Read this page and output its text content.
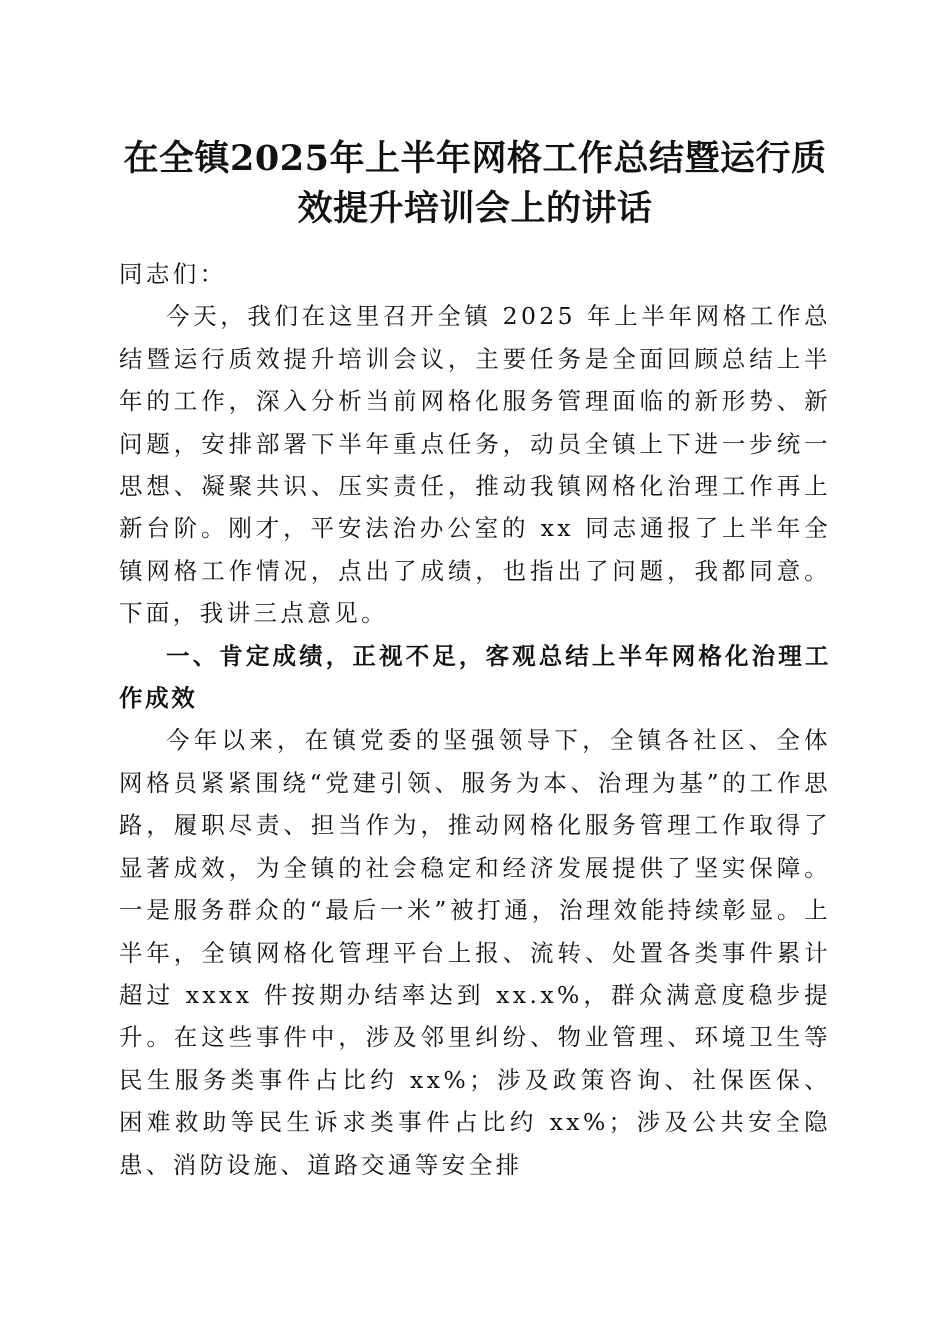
在全镇2025年上半年网格工作总结暨运行质
效提升培训会上的讲话

同志们：

今天，我们在这里召开全镇 2025 年上半年网格工作总结暨运行质效提升培训会议，主要任务是全面回顾总结上半年的工作，深入分析当前网格化服务管理面临的新形势、新问题，安排部署下半年重点任务，动员全镇上下进一步统一思想、凝聚共识、压实责任，推动我镇网格化治理工作再上新台阶。刚才，平安法治办公室的 xx 同志通报了上半年全镇网格工作情况，点出了成绩，也指出了问题，我都同意。下面，我讲三点意见。

一、肯定成绩，正视不足，客观总结上半年网格化治理工作成效

今年以来，在镇党委的坚强领导下，全镇各社区、全体网格员紧紧围绕“党建引领、服务为本、治理为基”的工作思路，履职尽责、担当作为，推动网格化服务管理工作取得了显著成效，为全镇的社会稳定和经济发展提供了坚实保障。一是服务群众的“最后一米”被打通，治理效能持续彰显。上半年，全镇网格化管理平台上报、流转、处置各类事件累计超过 xxxx 件按期办结率达到 xx.x%，群众满意度稳步提升。在这些事件中，涉及邻里纠纷、物业管理、环境卫生等民生服务类事件占比约 xx%；涉及政策咨询、社保医保、困难救助等民生诉求类事件占比约 xx%；涉及公共安全隐患、消防设施、道路交通等安全排
